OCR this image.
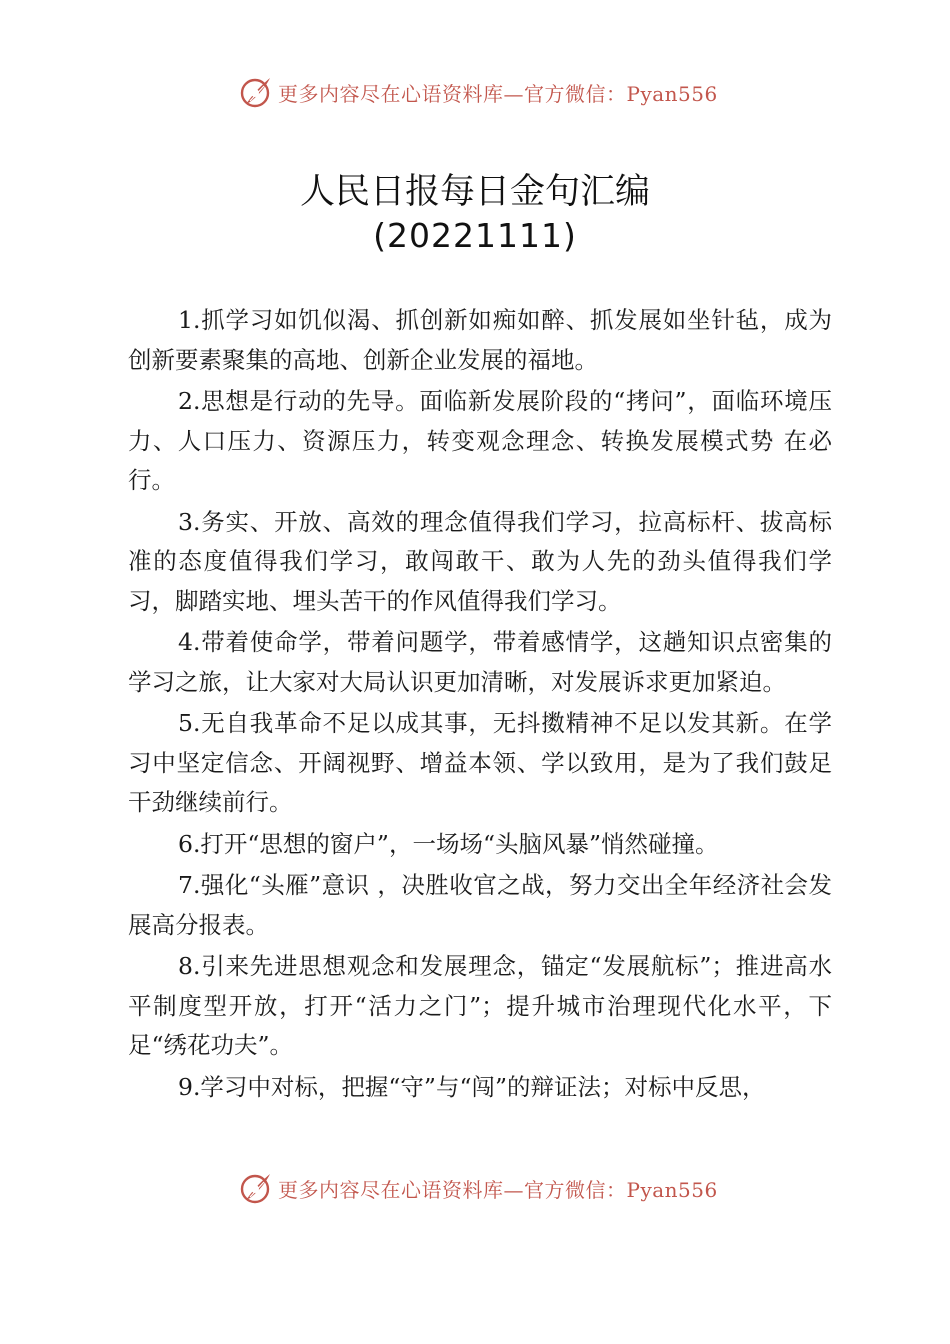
更多内容尽在心语资料库—官方微信：Pyan556
人民日报每日金句汇编
(20221111)

1.抓学习如饥似渴、抓创新如痴如醉、抓发展如坐针毡，成为创新要素聚集的高地、创新企业发展的福地。

2.思想是行动的先导。面临新发展阶段的“拷问”，面临环境压力、人口压力、资源压力，转变观念理念、转换发展模式势 在必行。

3.务实、开放、高效的理念值得我们学习，拉高标杆、拔高标准的态度值得我们学习，敢闯敢干、敢为人先的劲头值得我们学习，脚踏实地、埋头苦干的作风值得我们学习。

4.带着使命学，带着问题学，带着感情学，这趟知识点密集的学习之旅，让大家对大局认识更加清晰，对发展诉求更加紧迫。

5.无自我革命不足以成其事，无抖擞精神不足以发其新。在学习中坚定信念、开阔视野、增益本领、学以致用，是为了我们鼓足干劲继续前行。

6.打开“思想的窗户”，一场场“头脑风暴”悄然碰撞。

7.强化“头雁”意识 ，决胜收官之战，努力交出全年经济社会发展高分报表。

8.引来先进思想观念和发展理念，锚定“发展航标”；推进高水平制度型开放，打开“活力之门”；提升城市治理现代化水平，下足“绣花功夫”。

9.学习中对标，把握“守”与“闯”的辩证法；对标中反思，

更多内容尽在心语资料库—官方微信：Pyan556
